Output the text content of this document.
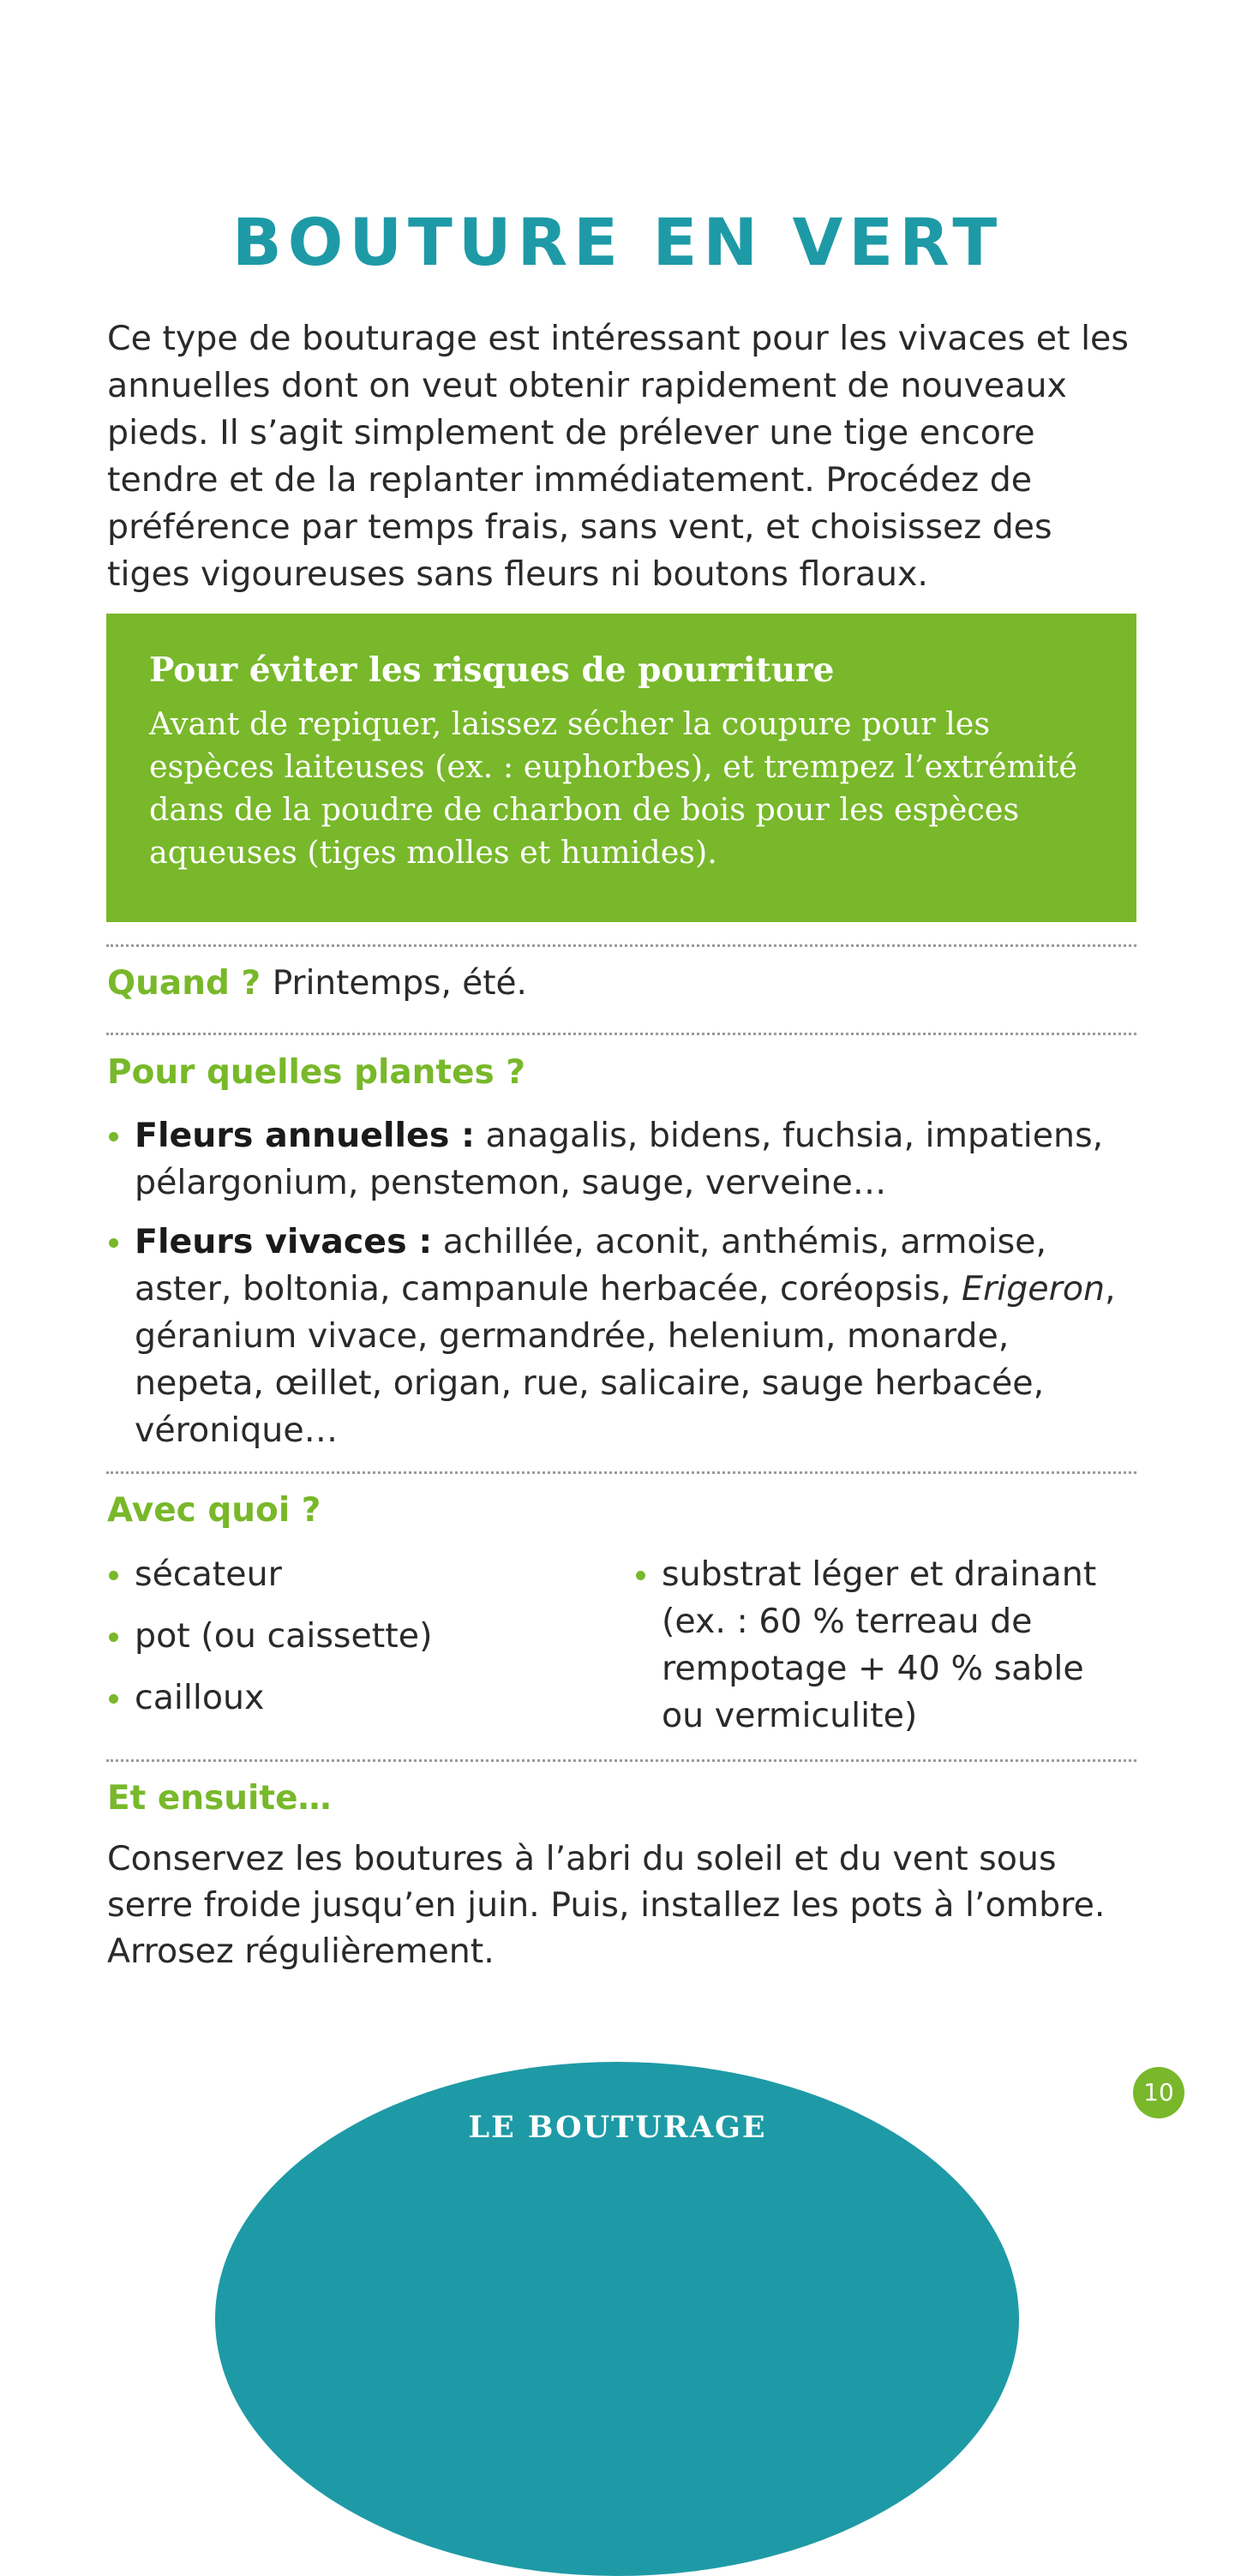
BOUTURE EN VERT

Ce type de bouturage est intéressant pour les vivaces et les annuelles dont on veut obtenir rapidement de nouveaux pieds. Il s’agit simplement de prélever une tige encore tendre et de la replanter immédiatement. Procédez de préférence par temps frais, sans vent, et choisissez des tiges vigoureuses sans fleurs ni boutons floraux.

Pour éviter les risques de pourriture

Avant de repiquer, laissez sécher la coupure pour les espèces laiteuses (ex. : euphorbes), et trempez l’extrémité dans de la poudre de charbon de bois pour les espèces aqueuses (tiges molles et humides).

Quand ? Printemps, été.

Pour quelles plantes ?

Fleurs annuelles : anagalis, bidens, fuchsia, impatiens, pélargonium, penstemon, sauge, verveine…
Fleurs vivaces : achillée, aconit, anthémis, armoise, aster, boltonia, campanule herbacée, coréopsis, Erigeron, géranium vivace, germandrée, helenium, monarde, nepeta, œillet, origan, rue, salicaire, sauge herbacée, véronique…

Avec quoi ?

sécateur
pot (ou caissette)
cailloux
substrat léger et drainant (ex. : 60 % terreau de rempotage + 40 % sable ou vermiculite)

Et ensuite…

Conservez les boutures à l’abri du soleil et du vent sous serre froide jusqu’en juin. Puis, installez les pots à l’ombre. Arrosez régulièrement.

LE BOUTURAGE

10
